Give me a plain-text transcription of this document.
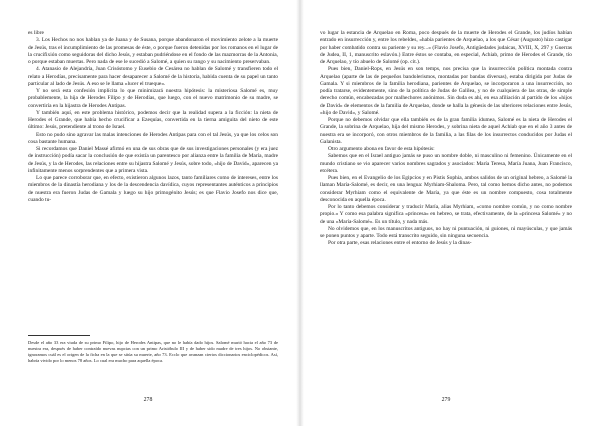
es libre

3. Los Hechos no nos hablan ya de Juana y de Susana, porque abandonaron el movimiento zelote a la muerte de Jesús, tras el incumplimiento de las promesas de éste, o porque fueron detenidas por los romanos en el lugar de la crucifixión como seguidoras del dicho Jesús, y estaban pudriéndose en el fondo de las mazmorras de la Antonia, o porque estaban muertas. Pero nada de ese le sucedió a Salomé, a quien su rango y su nacimiento preservaban.

4. Atanasio de Alejandría, Juan Crisóstomo y Eusebio de Cesárea no hablan de Salomé y transfieren todo el relato a Herodías, precisamente para hacer desaparecer a Salomé de la historia, habida cuenta de su papel un tanto particular al lado de Jesús. A eso se le llama «lucer el trueque».

Y no será esta confesión implícita lo que minimizará nuestra hipótesis: la misteriosa Salomé es, muy probablemente, la hija de Herodes Filipo y de Herodías, que luego, con el nuevo matrimonio de su madre, se convertiría en la hijastra de Herodes Antipas.

Y también aquí, en este problema histórico, podemos decir que la realidad supera a la ficción: la nieta de Herodes el Grande, que había hecho crucificar a Ezequías, convertida en la tierna amiguita del nieto de este último: Jesús, pretendiente al trono de Israel.

Esto no pudo sino agravar las malas intenciones de Herodes Antipas para con el tal Jesús, ya que los celos son cosa bastante humana.

Si recordamos que Daniel Massé afirmó en una de sus obras que de sus investigaciones personales (y era juez de instrucción) podía sacar la conclusión de que existía un parentesco por alianza entre la familia de María, madre de Jesús, y la de Herodes, las relaciones entre su hijastra Salomé y Jesús, sobre todo, «hijo de David», aparecen ya infinitamente menos sorprendentes que a primera vista.

Lo que parece corroborar que, en efecto, existieron algunos lazos, tanto familiares como de intereses, entre los miembros de la dinastía herodiana y los de la descendencia davídica, cuyos representantes auténticos a principios de nuestra era fueron Judas de Gamala y luego su hijo primogénito Jesús; es que Flavio Josefo nos dice que, cuando tu-

Desde el año 33 era viuda de su primo Filipo, hijo de Herodes Antipas, que no le había dado hijos. Salomé murió hacia el año 73 de nuestra era, después de haber contraído nuevas nupcias con un primo Aristóbulo III y de haber sido madre de tres hijos. No obstante, ignoramos cuál es el origen de la ficha en la que se sitúa su muerte, año 73. Ecclo que avanzan ciertos diccionarios enciclopédicos. Así, habría vivido por lo menos 78 años. Lo cual era mucho para aquella época.
278

vo lugar la estancia de Arquelao en Roma, poco después de la muerte de Herodes el Grande, los judíos habían entrado en insurrección y, entre los rebeldes, «había parientes de Arquelao, a los que César (Augusto) hizo castigar por haber combatido contra su pariente y su rey...» (Flavio Josefo, Antigüedades judaicas, XVIII, X, 297 y Guerras de Judea, II, 1, manuscrito eslavón.) Entre éstos se contaba, en especial, Achiab, primo de Herodes el Grande, tío de Arquelao, y tío abuelo de Salomé (op. cit.).

Pues bien, Daniel-Rops, en Jesús en son temps, nos precisa que la insurrección política montada contra Arquelao (aparte de las de pequeños bandolerismos, montadas por bandas diversas), estaba dirigida por Judas de Gamala. Y si miembros de la familia herodiana, parientes de Arquelao, se incorporaron a una insurrección, no podía tratarse, evidentemente, sino de la política de Judas de Galilea, y no de cualquiera de las otras, de simple derecho común, encabezadas por malhechores anónimos. Sin duda es ahí, en esa afiliación al partido de los «hijos de David» de elementos de la familia de Arquelao, donde se halla la génesis de las ulteriores relaciones entre Jesús, «hijo de David», y Salomé.

Porque no debemos olvidar que ella también es de la gran familia idumea, Salomé es la nieta de Herodes el Grande, la sobrina de Arquelao, hija del mismo Herodes, y sobrina nieta de aquel Achiab que en el año 3 antes de nuestra era se incorporó, con otros miembros de la familia, a las filas de los insurrectos conducidos por Judas el Galanista.

Otro argumento abona en favor de esta hipótesis:

Sabemos que en el Israel antiguo jamás se puso un nombre doble, ni masculino ni femenino. Únicamente en el mundo cristiano se vio aparecer varios nombres sagrados y asociados: María Teresa, María Juana, Juan Francisco, etcétera.

Pues bien, en el Evangelio de los Egipcios y en Pistis Sophia, ambos salidos de un original hebreo, a Salomé la llaman María-Salomé, es decir, en una lengua: Myrhiam-Shaloma. Pero, tal como hemos dicho antes, no podemos considerar Myrhiam como el equivalente de María, ya que éste es un nombre compuesto, cosa totalmente desconocida en aquella época.

Por lo tanto debemos considerar y traducir María, alias Myrhiam, «como nombre común, y no como nombre propio.» Y como esa palabra significa «princesa» en hebreo, se trata, efectivamente, de la «princesa Salomé» y no de una «María-Salomé». Es un título, y nada más.

No olvidemos que, en los manuscritos antiguos, no hay ni puntuación, ni guiones, ni mayúsculas, y que jamás se ponen puntos y aparte. Todo está transcrito seguido, sin ninguna secuencia.

Por otra parte, esas relaciones entre el entorno de Jesús y la dinas-

279
